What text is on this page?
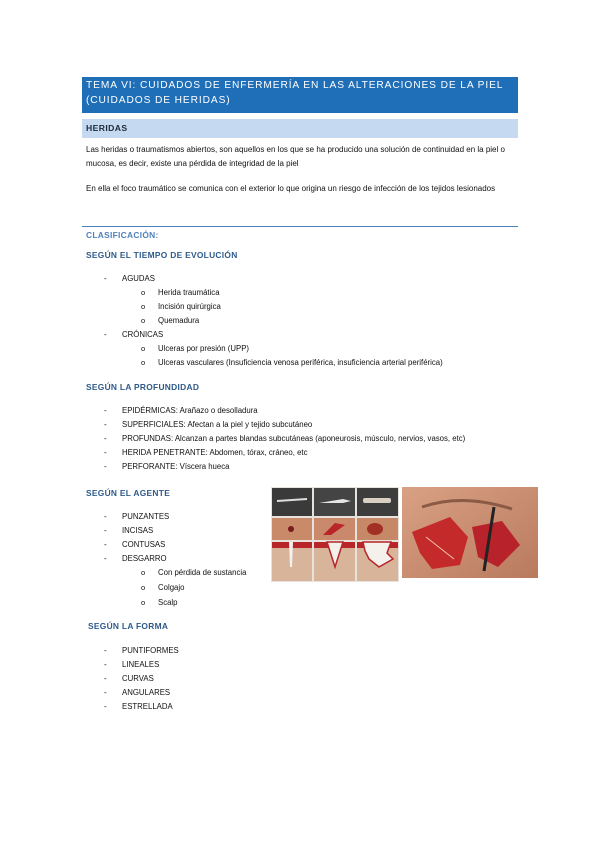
TEMA VI: CUIDADOS DE ENFERMERÍA EN LAS ALTERACIONES DE LA PIEL (CUIDADOS DE HERIDAS)
HERIDAS
Las heridas o traumatismos abiertos, son aquellos en los que se ha producido una solución de continuidad en la piel o mucosa, es decir, existe una pérdida de integridad de la piel
En ella el foco traumático se comunica con el exterior lo que origina un riesgo de infección de los tejidos lesionados
CLASIFICACIÓN:
SEGÚN EL TIEMPO DE EVOLUCIÓN
- AGUDAS
o Herida traumática
o Incisión quirúrgica
o Quemadura
- CRÓNICAS
o Ulceras por presión (UPP)
o Ulceras vasculares (Insuficiencia venosa periférica, insuficiencia arterial periférica)
SEGÚN LA PROFUNDIDAD
- EPIDÉRMICAS: Arañazo o desolladura
- SUPERFICIALES: Afectan a la piel y tejido subcutáneo
- PROFUNDAS: Alcanzan a partes blandas subcutáneas (aponeurosis, músculo, nervios, vasos, etc)
- HERIDA PENETRANTE: Abdomen, tórax, cráneo, etc
- PERFORANTE: Víscera hueca
SEGÚN EL AGENTE
- PUNZANTES
- INCISAS
- CONTUSAS
- DESGARRO
o Con pérdida de sustancia
o Colgajo
o Scalp
SEGÚN LA FORMA
- PUNTIFORMES
- LINEALES
- CURVAS
- ANGULARES
- ESTRELLADA
